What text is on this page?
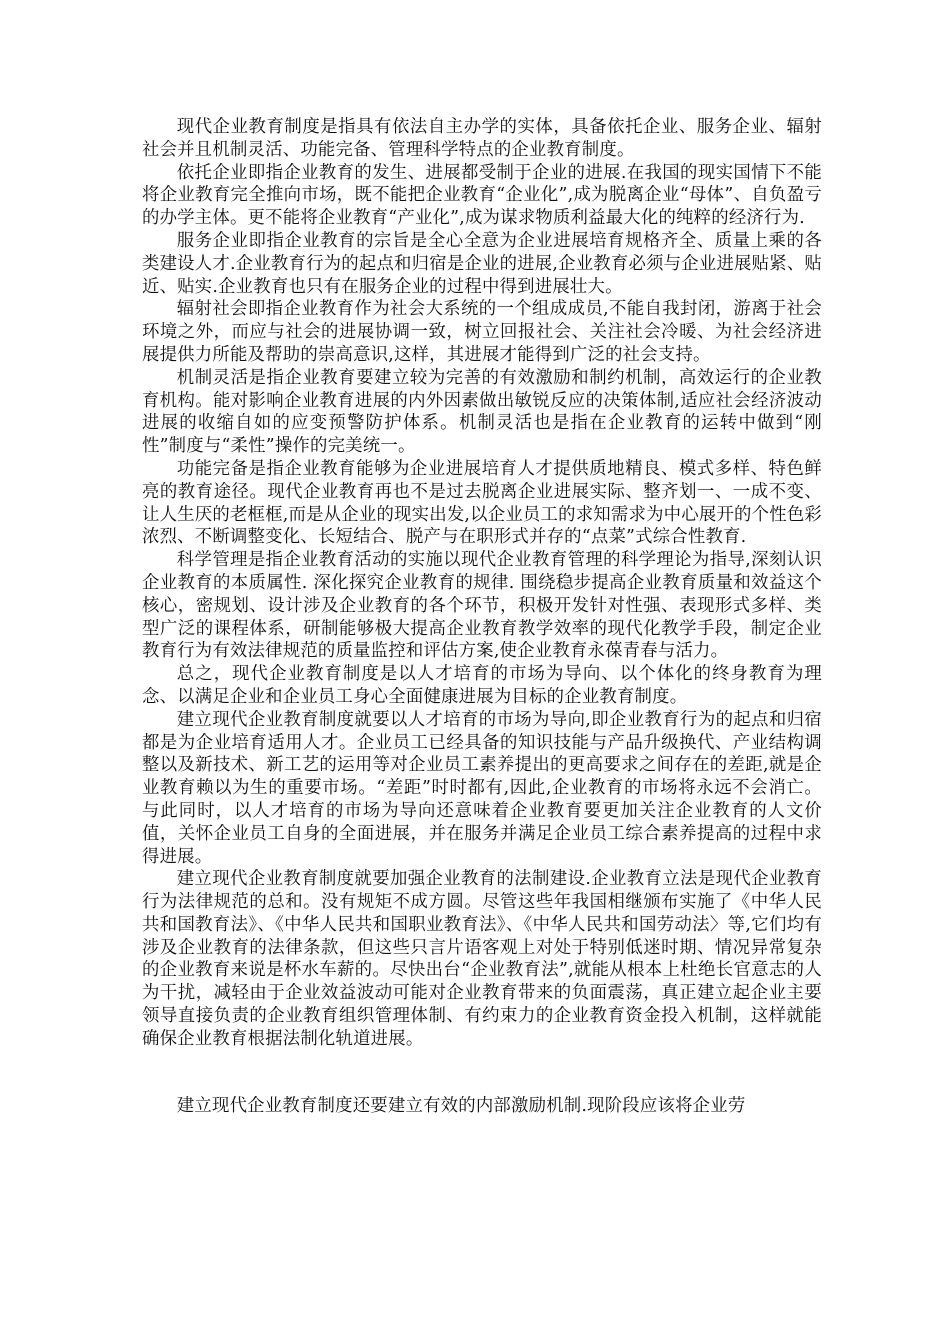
现代企业教育制度是指具有依法自主办学的实体，具备依托企业、服务企业、辐射社会并且机制灵活、功能完备、管理科学特点的企业教育制度。

依托企业即指企业教育的发生、进展都受制于企业的进展.在我国的现实国情下不能将企业教育完全推向市场，既不能把企业教育“企业化”,成为脱离企业“母体”、自负盈亏的办学主体。更不能将企业教育“产业化”,成为谋求物质利益最大化的纯粹的经济行为.

服务企业即指企业教育的宗旨是全心全意为企业进展培育规格齐全、质量上乘的各类建设人才.企业教育行为的起点和归宿是企业的进展,企业教育必须与企业进展贴紧、贴近、贴实.企业教育也只有在服务企业的过程中得到进展壮大。

辐射社会即指企业教育作为社会大系统的一个组成成员,不能自我封闭，游离于社会环境之外，而应与社会的进展协调一致，树立回报社会、关注社会冷暖、为社会经济进展提供力所能及帮助的崇高意识,这样，其进展才能得到广泛的社会支持。

机制灵活是指企业教育要建立较为完善的有效激励和制约机制，高效运行的企业教育机构。能对影响企业教育进展的内外因素做出敏锐反应的决策体制,适应社会经济波动进展的收缩自如的应变预警防护体系。机制灵活也是指在企业教育的运转中做到“刚性”制度与“柔性”操作的完美统一。

功能完备是指企业教育能够为企业进展培育人才提供质地精良、模式多样、特色鲜亮的教育途径。现代企业教育再也不是过去脱离企业进展实际、整齐划一、一成不变、让人生厌的老框框,而是从企业的现实出发,以企业员工的求知需求为中心展开的个性色彩浓烈、不断调整变化、长短结合、脱产与在职形式并存的“点菜”式综合性教育.

科学管理是指企业教育活动的实施以现代企业教育管理的科学理论为指导,深刻认识企业教育的本质属性. 深化探究企业教育的规律. 围绕稳步提高企业教育质量和效益这个核心，密规划、设计涉及企业教育的各个环节，积极开发针对性强、表现形式多样、类型广泛的课程体系，研制能够极大提高企业教育教学效率的现代化教学手段，制定企业教育行为有效法律规范的质量监控和评估方案,使企业教育永葆青春与活力。

总之，现代企业教育制度是以人才培育的市场为导向、以个体化的终身教育为理念、以满足企业和企业员工身心全面健康进展为目标的企业教育制度。

建立现代企业教育制度就要以人才培育的市场为导向,即企业教育行为的起点和归宿都是为企业培育适用人才。企业员工已经具备的知识技能与产品升级换代、产业结构调整以及新技术、新工艺的运用等对企业员工素养提出的更高要求之间存在的差距,就是企业教育赖以为生的重要市场。“差距”时时都有,因此,企业教育的市场将永远不会消亡。与此同时，以人才培育的市场为导向还意味着企业教育要更加关注企业教育的人文价值，关怀企业员工自身的全面进展，并在服务并满足企业员工综合素养提高的过程中求得进展。

建立现代企业教育制度就要加强企业教育的法制建设.企业教育立法是现代企业教育行为法律规范的总和。没有规矩不成方圆。尽管这些年我国相继颁布实施了《中华人民共和国教育法》、《中华人民共和国职业教育法》、《中华人民共和国劳动法〉等,它们均有涉及企业教育的法律条款，但这些只言片语客观上对处于特别低迷时期、情况异常复杂的企业教育来说是杯水车薪的。尽快出台“企业教育法”,就能从根本上杜绝长官意志的人为干扰，减轻由于企业效益波动可能对企业教育带来的负面震荡，真正建立起企业主要领导直接负责的企业教育组织管理体制、有约束力的企业教育资金投入机制，这样就能确保企业教育根据法制化轨道进展。

建立现代企业教育制度还要建立有效的内部激励机制.现阶段应该将企业劳
